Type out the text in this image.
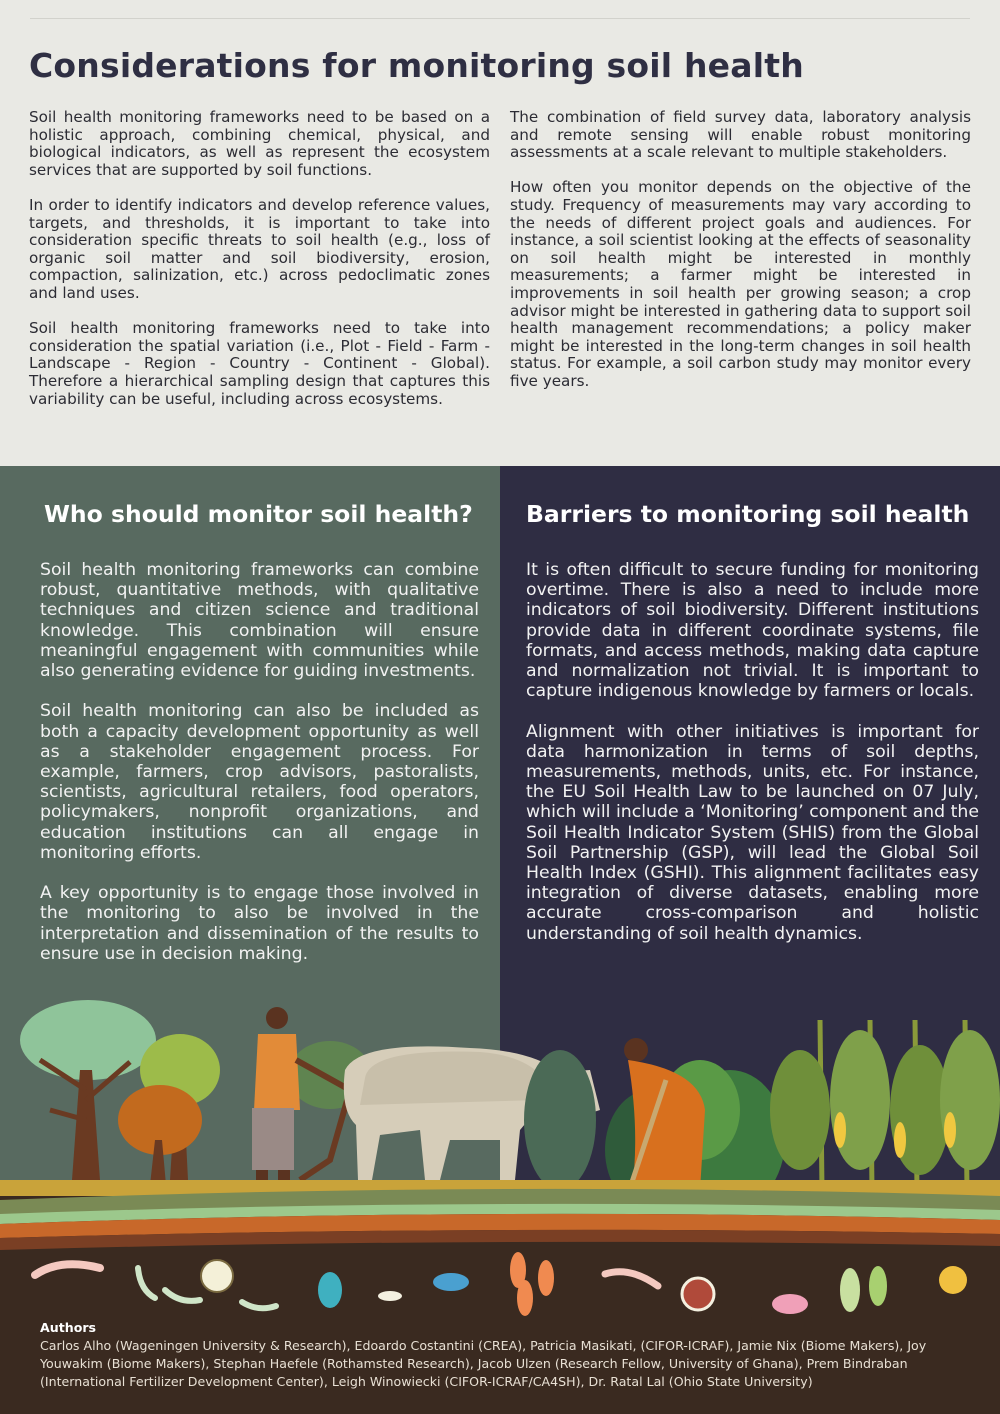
Considerations for monitoring soil health

Soil health monitoring frameworks need to be based on a holistic approach, combining chemical, physical, and biological indicators, as well as represent the ecosystem services that are supported by soil functions.

In order to identify indicators and develop reference values, targets, and thresholds, it is important to take into consideration specific threats to soil health (e.g., loss of organic soil matter and soil biodiversity, erosion, compaction, salinization, etc.) across pedoclimatic zones and land uses.

Soil health monitoring frameworks need to take into consideration the spatial variation (i.e., Plot - Field - Farm - Landscape - Region - Country - Continent - Global). Therefore a hierarchical sampling design that captures this variability can be useful, including across ecosystems.

The combination of field survey data, laboratory analysis and remote sensing will enable robust monitoring assessments at a scale relevant to multiple stakeholders.

How often you monitor depends on the objective of the study. Frequency of measurements may vary according to the needs of different project goals and audiences. For instance, a soil scientist looking at the effects of seasonality on soil health might be interested in monthly measurements; a farmer might be interested in improvements in soil health per growing season; a crop advisor might be interested in gathering data to support soil health management recommendations; a policy maker might be interested in the long-term changes in soil health status. For example, a soil carbon study may monitor every five years.

Who should monitor soil health?

Soil health monitoring frameworks can combine robust, quantitative methods, with qualitative techniques and citizen science and traditional knowledge. This combination will ensure meaningful engagement with communities while also generating evidence for guiding investments.

Soil health monitoring can also be included as both a capacity development opportunity as well as a stakeholder engagement process. For example, farmers, crop advisors, pastoralists, scientists, agricultural retailers, food operators, policymakers, nonprofit organizations, and education institutions can all engage in monitoring efforts.

A key opportunity is to engage those involved in the monitoring to also be involved in the interpretation and dissemination of the results to ensure use in decision making.

Barriers to monitoring soil health

It is often difficult to secure funding for monitoring overtime. There is also a need to include more indicators of soil biodiversity. Different institutions provide data in different coordinate systems, file formats, and access methods, making data capture and normalization not trivial. It is important to capture indigenous knowledge by farmers or locals.

Alignment with other initiatives is important for data harmonization in terms of soil depths, measurements, methods, units, etc. For instance, the EU Soil Health Law to be launched on 07 July, which will include a ‘Monitoring’ component and the Soil Health Indicator System (SHIS) from the Global Soil Partnership (GSP), will lead the Global Soil Health Index (GSHI). This alignment facilitates easy integration of diverse datasets, enabling more accurate cross-comparison and holistic understanding of soil health dynamics.

Authors
Carlos Alho (Wageningen University & Research), Edoardo Costantini (CREA), Patricia Masikati, (CIFOR-ICRAF), Jamie Nix (Biome Makers), Joy Youwakim (Biome Makers), Stephan Haefele (Rothamsted Research), Jacob Ulzen (Research Fellow, University of Ghana), Prem Bindraban (International Fertilizer Development Center), Leigh Winowiecki (CIFOR-ICRAF/CA4SH), Dr. Ratal Lal (Ohio State University)
